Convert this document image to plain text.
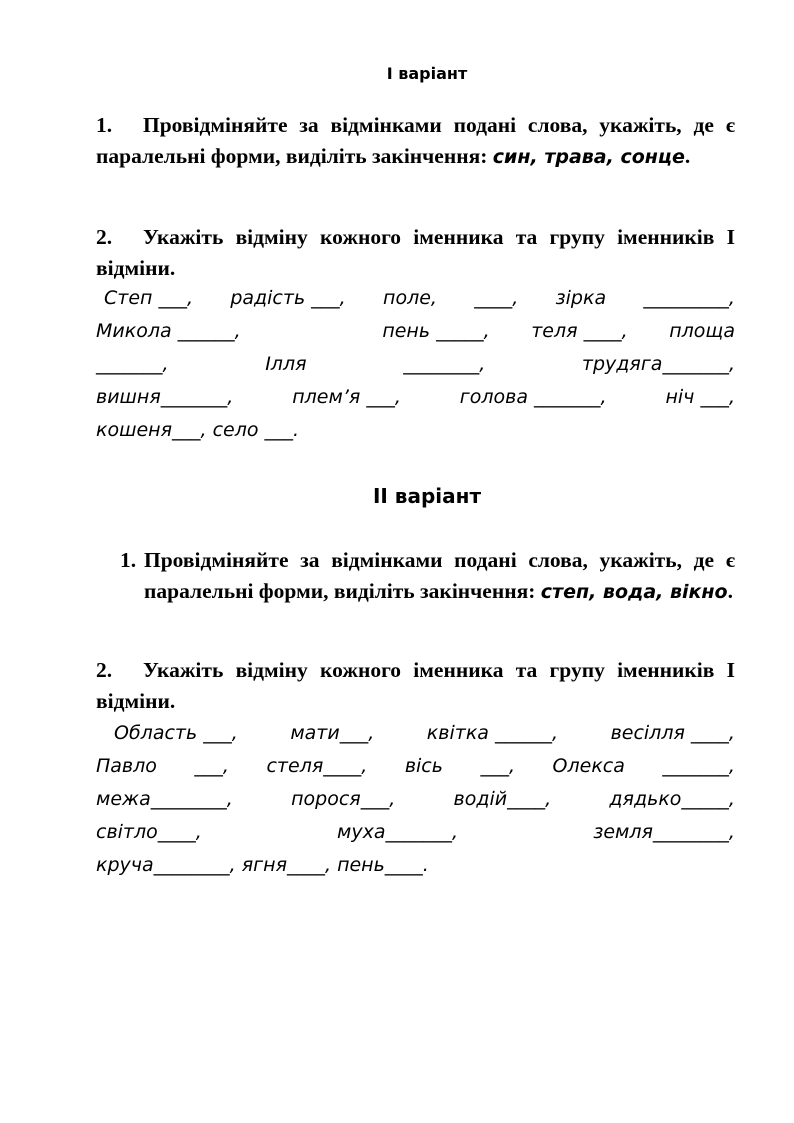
I варіант
1. Провідміняйте за відмінками подані слова, укажіть, де є паралельні форми, виділіть закінчення: син, трава, сонце.
2. Укажіть відміну кожного іменника та групу іменників І відміни.
Степ ___, радість ___, поле, ____, зірка _________,
Микола ______,	пень _____, теля ____, площа
_______,	Ілля	________,	трудяга_______,
вишня_______,	плем’я ___,	голова _______,	ніч ___,
кошеня___, село ___.
II варіант
1. Провідміняйте за відмінками подані слова, укажіть, де є паралельні форми, виділіть закінчення: степ, вода, вікно.
2. Укажіть відміну кожного іменника та групу іменників І відміни.
Область ___,	мати___,	квітка ______,	весілля ____,
Павло ___, стеля____, вісь ___, Олекса _______,
межа________,	порося___,	водій____,	дядько_____,
світло____,	муха_______,	земля________,
круча________, ягня____, пень____.
